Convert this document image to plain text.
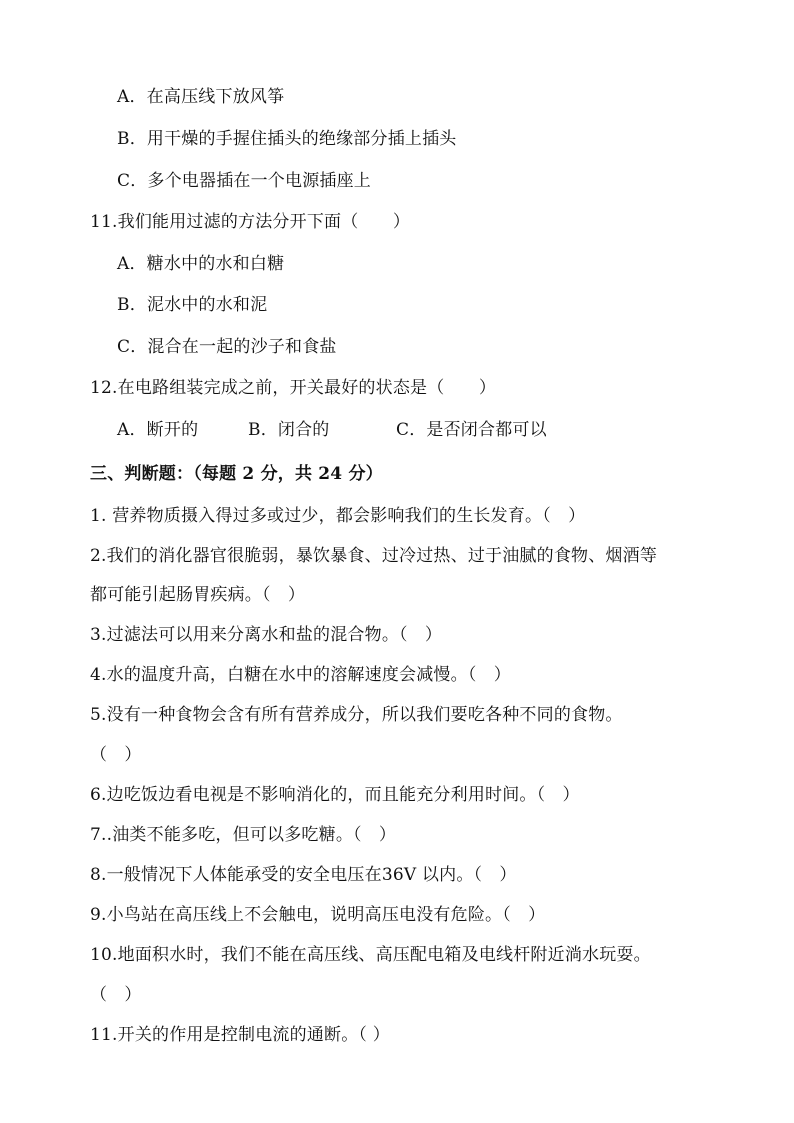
A．在高压线下放风筝
B．用干燥的手握住插头的绝缘部分插上插头
C．多个电器插在一个电源插座上
11.我们能用过滤的方法分开下面（　　）
A．糖水中的水和白糖
B．泥水中的水和泥
C．混合在一起的沙子和食盐
12.在电路组装完成之前，开关最好的状态是（　　）
A．断开的	B．闭合的	C．是否闭合都可以
三、判断题：（每题 2 分，共 24 分）
1. 营养物质摄入得过多或过少，都会影响我们的生长发育。（　）
2.我们的消化器官很脆弱，暴饮暴食、过冷过热、过于油腻的食物、烟酒等
都可能引起肠胃疾病。（　）
3.过滤法可以用来分离水和盐的混合物。（　）
4.水的温度升高，白糖在水中的溶解速度会减慢。（　）
5.没有一种食物会含有所有营养成分，所以我们要吃各种不同的食物。
（　）
6.边吃饭边看电视是不影响消化的，而且能充分利用时间。（　）
7..油类不能多吃，但可以多吃糖。（　）
8.一般情况下人体能承受的安全电压在36V 以内。（　）
9.小鸟站在高压线上不会触电，说明高压电没有危险。（　）
10.地面积水时，我们不能在高压线、高压配电箱及电线杆附近淌水玩耍。
（　）
11.开关的作用是控制电流的通断。（ ）
